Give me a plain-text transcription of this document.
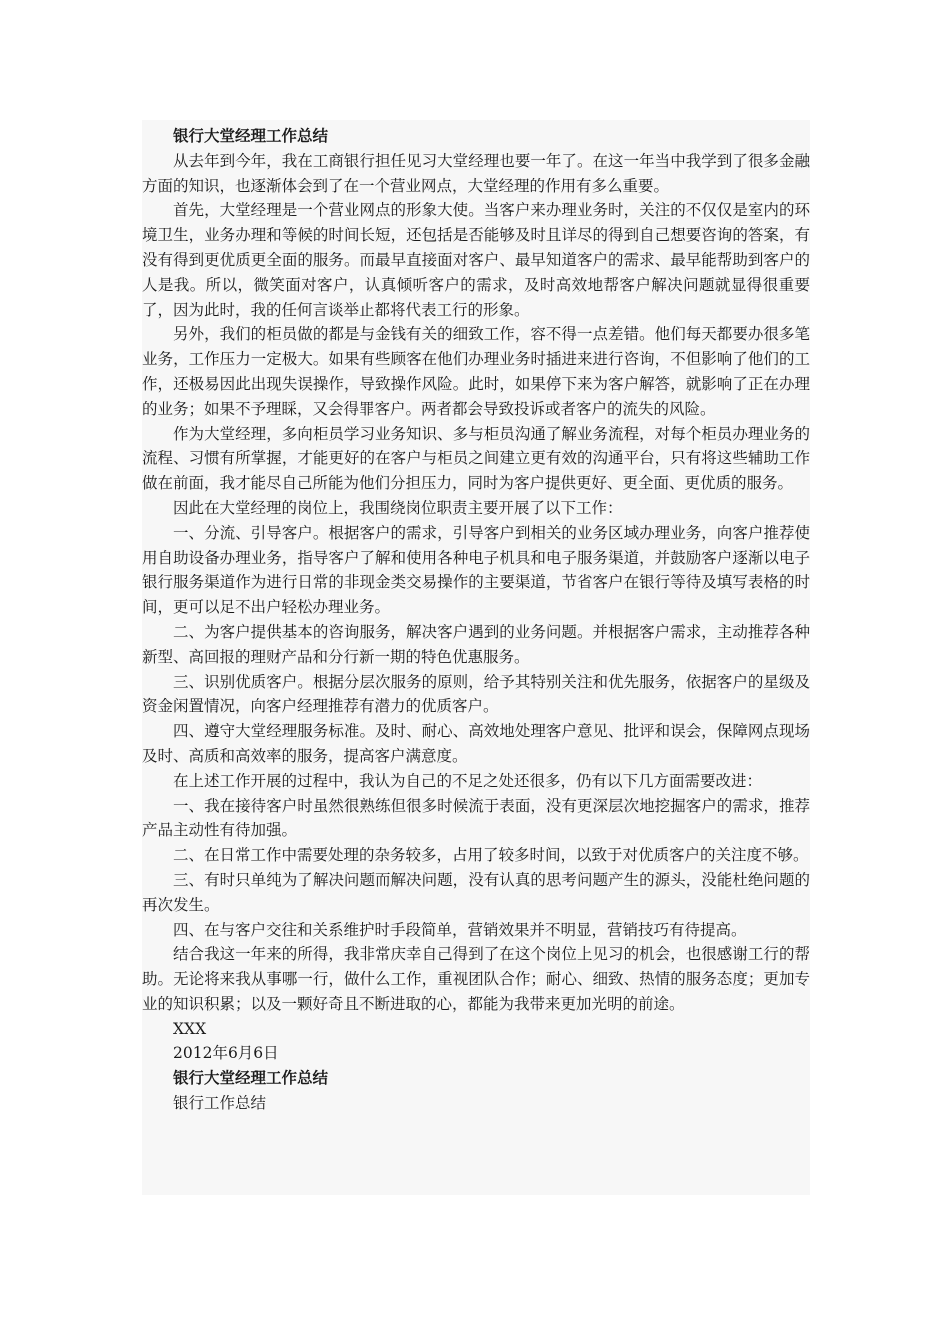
银行大堂经理工作总结

从去年到今年，我在工商银行担任见习大堂经理也要一年了。在这一年当中我学到了很多金融方面的知识，也逐渐体会到了在一个营业网点，大堂经理的作用有多么重要。

首先，大堂经理是一个营业网点的形象大使。当客户来办理业务时，关注的不仅仅是室内的环境卫生，业务办理和等候的时间长短，还包括是否能够及时且详尽的得到自己想要咨询的答案，有没有得到更优质更全面的服务。而最早直接面对客户、最早知道客户的需求、最早能帮助到客户的人是我。所以，微笑面对客户，认真倾听客户的需求，及时高效地帮客户解决问题就显得很重要了，因为此时，我的任何言谈举止都将代表工行的形象。

另外，我们的柜员做的都是与金钱有关的细致工作，容不得一点差错。他们每天都要办很多笔业务，工作压力一定极大。如果有些顾客在他们办理业务时插进来进行咨询，不但影响了他们的工作，还极易因此出现失误操作，导致操作风险。此时，如果停下来为客户解答，就影响了正在办理的业务；如果不予理睬，又会得罪客户。两者都会导致投诉或者客户的流失的风险。

作为大堂经理，多向柜员学习业务知识、多与柜员沟通了解业务流程，对每个柜员办理业务的流程、习惯有所掌握，才能更好的在客户与柜员之间建立更有效的沟通平台，只有将这些辅助工作做在前面，我才能尽自己所能为他们分担压力，同时为客户提供更好、更全面、更优质的服务。

因此在大堂经理的岗位上，我围绕岗位职责主要开展了以下工作：

一、分流、引导客户。根据客户的需求，引导客户到相关的业务区域办理业务，向客户推荐使用自助设备办理业务，指导客户了解和使用各种电子机具和电子服务渠道，并鼓励客户逐渐以电子银行服务渠道作为进行日常的非现金类交易操作的主要渠道，节省客户在银行等待及填写表格的时间，更可以足不出户轻松办理业务。

二、为客户提供基本的咨询服务，解决客户遇到的业务问题。并根据客户需求，主动推荐各种新型、高回报的理财产品和分行新一期的特色优惠服务。

三、识别优质客户。根据分层次服务的原则，给予其特别关注和优先服务，依据客户的星级及资金闲置情况，向客户经理推荐有潜力的优质客户。

四、遵守大堂经理服务标准。及时、耐心、高效地处理客户意见、批评和误会，保障网点现场及时、高质和高效率的服务，提高客户满意度。

在上述工作开展的过程中，我认为自己的不足之处还很多，仍有以下几方面需要改进：

一、我在接待客户时虽然很熟练但很多时候流于表面，没有更深层次地挖掘客户的需求，推荐产品主动性有待加强。

二、在日常工作中需要处理的杂务较多，占用了较多时间，以致于对优质客户的关注度不够。

三、有时只单纯为了解决问题而解决问题，没有认真的思考问题产生的源头，没能杜绝问题的再次发生。

四、在与客户交往和关系维护时手段简单，营销效果并不明显，营销技巧有待提高。

结合我这一年来的所得，我非常庆幸自己得到了在这个岗位上见习的机会，也很感谢工行的帮助。无论将来我从事哪一行，做什么工作，重视团队合作；耐心、细致、热情的服务态度；更加专业的知识积累；以及一颗好奇且不断进取的心，都能为我带来更加光明的前途。

XXX

2012年6月6日

银行大堂经理工作总结

银行工作总结
